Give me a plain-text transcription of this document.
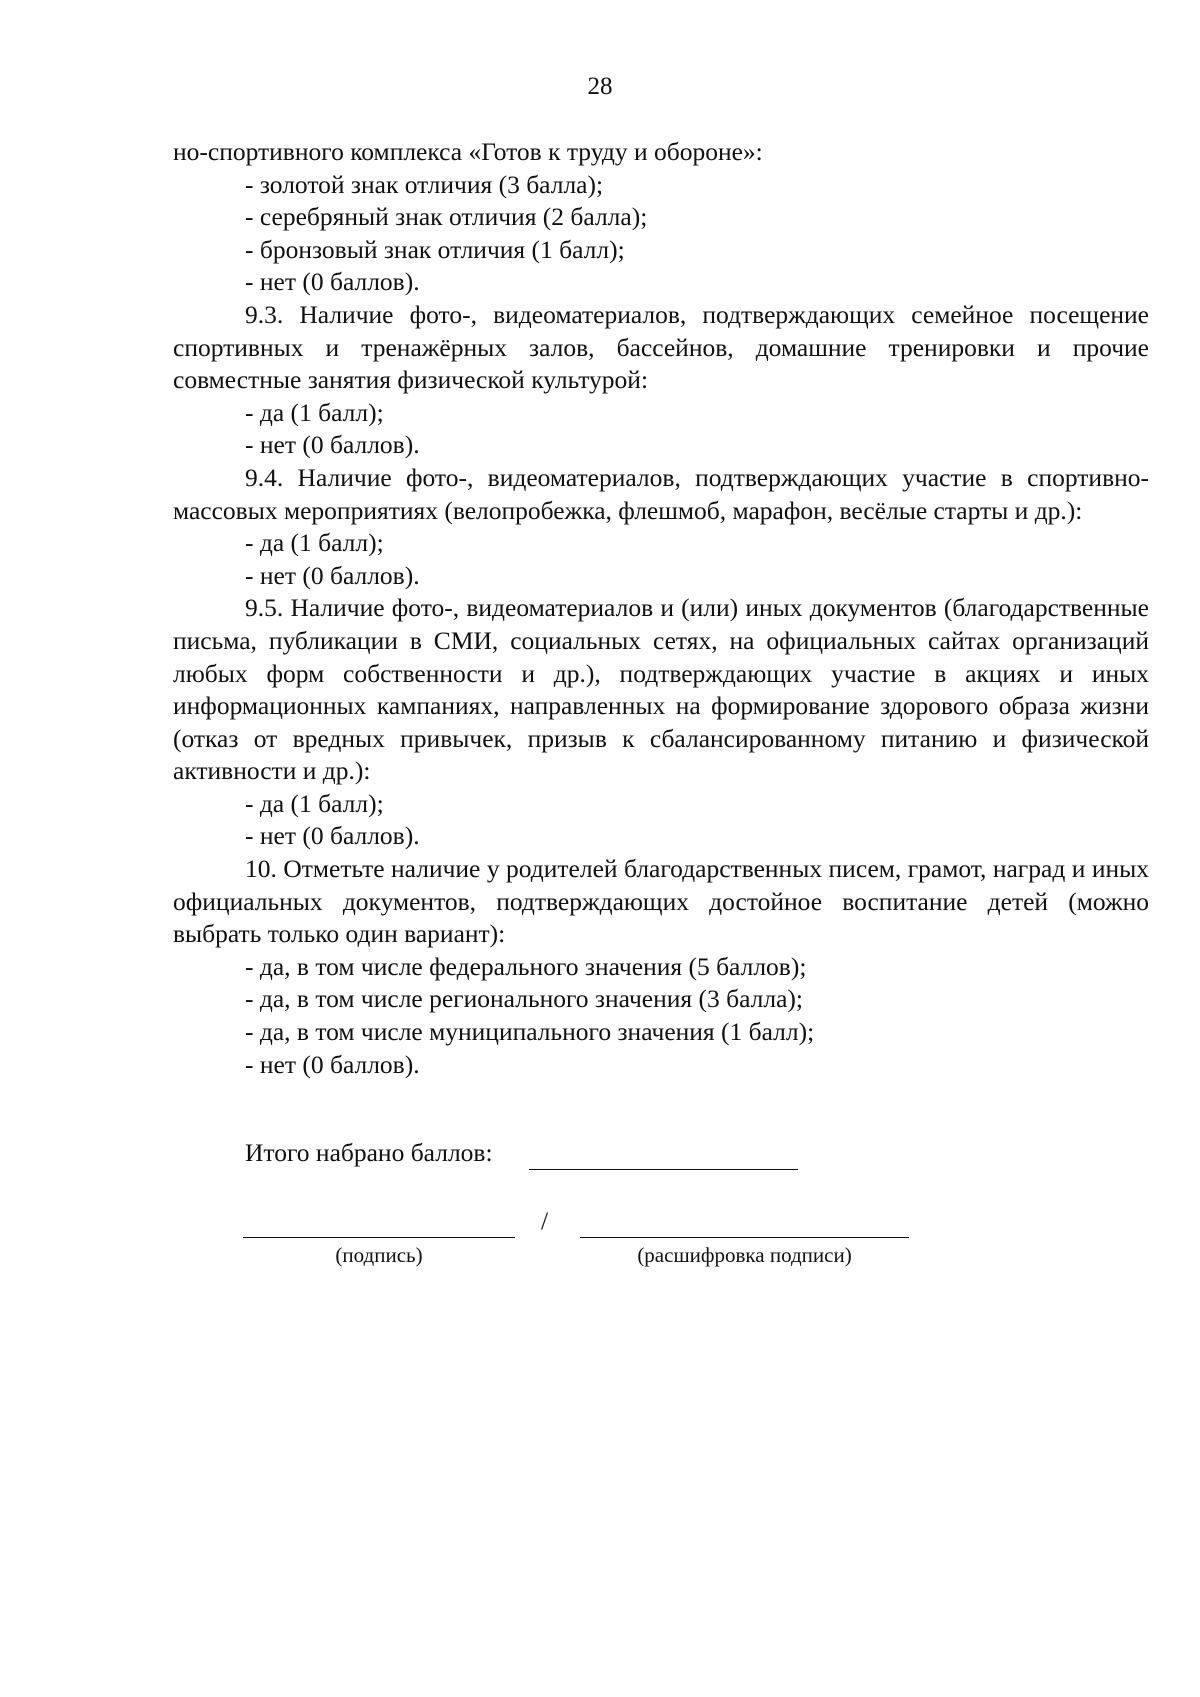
28

но-спортивного комплекса «Готов к труду и обороне»:

- золотой знак отличия (3 балла);

- серебряный знак отличия (2 балла);

- бронзовый знак отличия (1 балл);

- нет (0 баллов).

9.3. Наличие фото-, видеоматериалов, подтверждающих семейное посещение спортивных и тренажёрных залов, бассейнов, домашние тренировки и прочие совместные занятия физической культурой:

- да (1 балл);

- нет (0 баллов).

9.4. Наличие фото-, видеоматериалов, подтверждающих участие в спортивно-массовых мероприятиях (велопробежка, флешмоб, марафон, весёлые старты и др.):

- да (1 балл);

- нет (0 баллов).

9.5. Наличие фото-, видеоматериалов и (или) иных документов (благодарственные письма, публикации в СМИ, социальных сетях, на официальных сайтах организаций любых форм собственности и др.), подтверждающих участие в акциях и иных информационных кампаниях, направленных на формирование здорового образа жизни (отказ от вредных привычек, призыв к сбалансированному питанию и физической активности и др.):

- да (1 балл);

- нет (0 баллов).

10. Отметьте наличие у родителей благодарственных писем, грамот, наград и иных официальных документов, подтверждающих достойное воспитание детей (можно выбрать только один вариант):

- да, в том числе федерального значения (5 баллов);

- да, в том числе регионального значения (3 балла);

- да, в том числе муниципального значения (1 балл);

- нет (0 баллов).

Итого набрано баллов:
/
(подпись)	(расшифровка подписи)
